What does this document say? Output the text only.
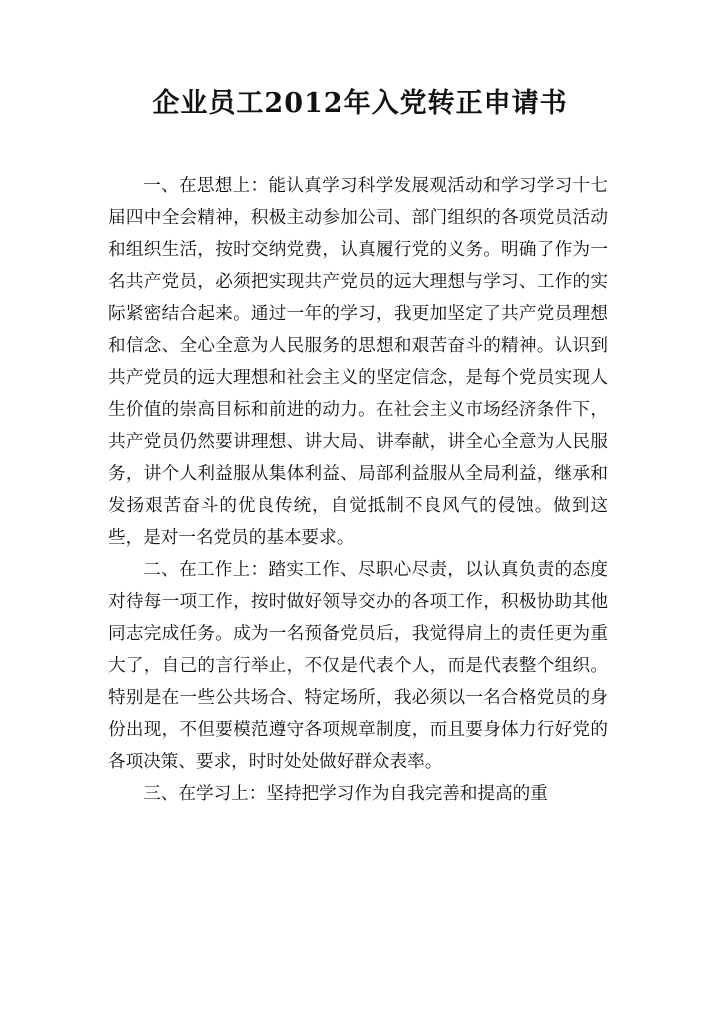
企业员工2012年入党转正申请书

一、在思想上：能认真学习科学发展观活动和学习学习十七届四中全会精神，积极主动参加公司、部门组织的各项党员活动和组织生活，按时交纳党费，认真履行党的义务。明确了作为一名共产党员，必须把实现共产党员的远大理想与学习、工作的实际紧密结合起来。通过一年的学习，我更加坚定了共产党员理想和信念、全心全意为人民服务的思想和艰苦奋斗的精神。认识到共产党员的远大理想和社会主义的坚定信念，是每个党员实现人生价值的崇高目标和前进的动力。在社会主义市场经济条件下，共产党员仍然要讲理想、讲大局、讲奉献，讲全心全意为人民服务，讲个人利益服从集体利益、局部利益服从全局利益，继承和发扬艰苦奋斗的优良传统，自觉抵制不良风气的侵蚀。做到这些，是对一名党员的基本要求。

二、在工作上：踏实工作、尽职心尽责，以认真负责的态度对待每一项工作，按时做好领导交办的各项工作，积极协助其他同志完成任务。成为一名预备党员后，我觉得肩上的责任更为重大了，自己的言行举止，不仅是代表个人，而是代表整个组织。特别是在一些公共场合、特定场所，我必须以一名合格党员的身份出现，不但要模范遵守各项规章制度，而且要身体力行好党的各项决策、要求，时时处处做好群众表率。

三、在学习上：坚持把学习作为自我完善和提高的重
